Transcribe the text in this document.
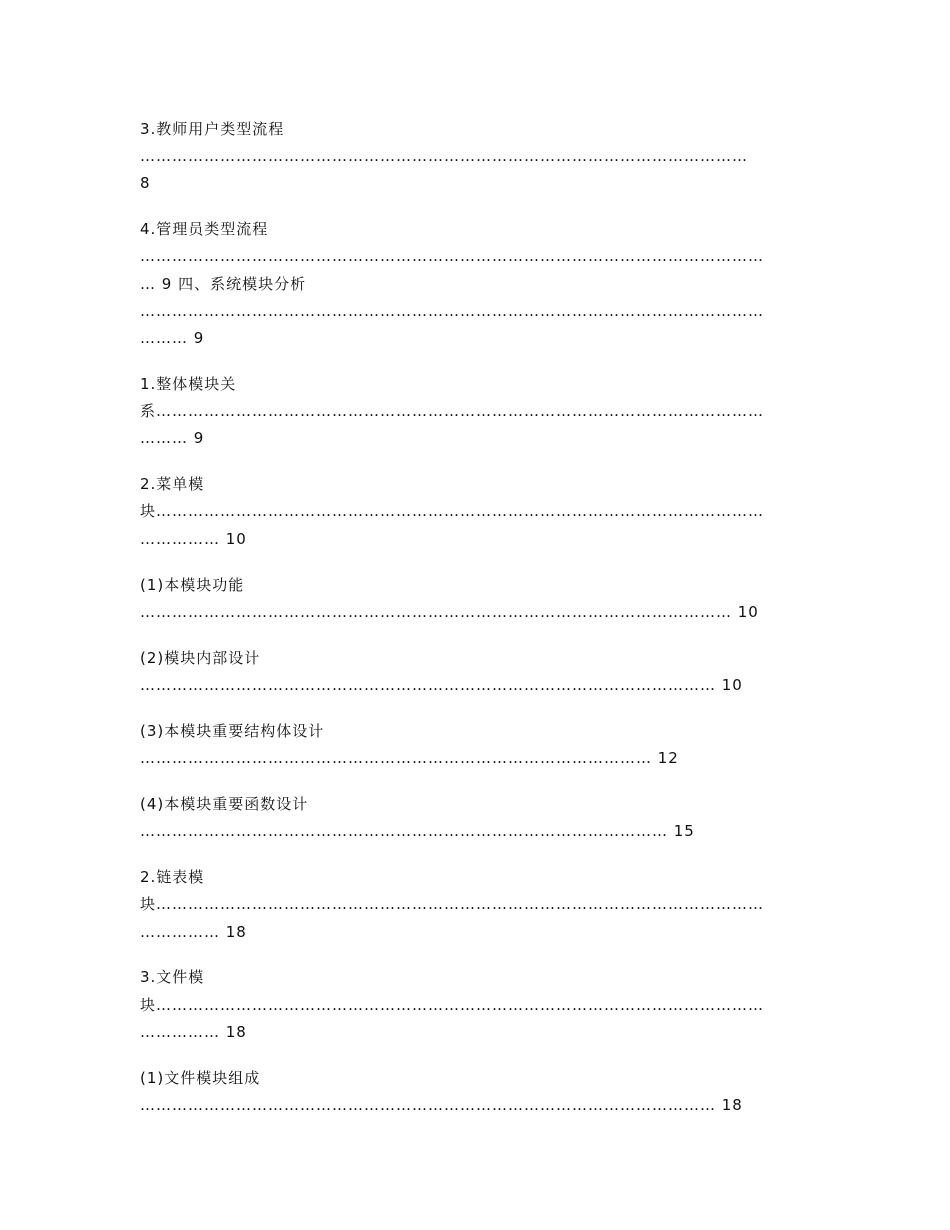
3.教师用户类型流程

……………………………………………………………………………………………………

8

4.管理员类型流程

………………………………………………………………………………………………………

… 9 四、系统模块分析

………………………………………………………………………………………………………

……… 9

1.整体模块关

系……………………………………………………………………………………………………

……… 9

2.菜单模

块……………………………………………………………………………………………………

…………… 10

(1)本模块功能

………………………………………………………………………………………………… 10

(2)模块内部设计

……………………………………………………………………………………………… 10

(3)本模块重要结构体设计

…………………………………………………………………………………… 12

(4)本模块重要函数设计

……………………………………………………………………………………… 15

2.链表模

块……………………………………………………………………………………………………

…………… 18

3.文件模

块……………………………………………………………………………………………………

…………… 18

(1)文件模块组成

……………………………………………………………………………………………… 18
